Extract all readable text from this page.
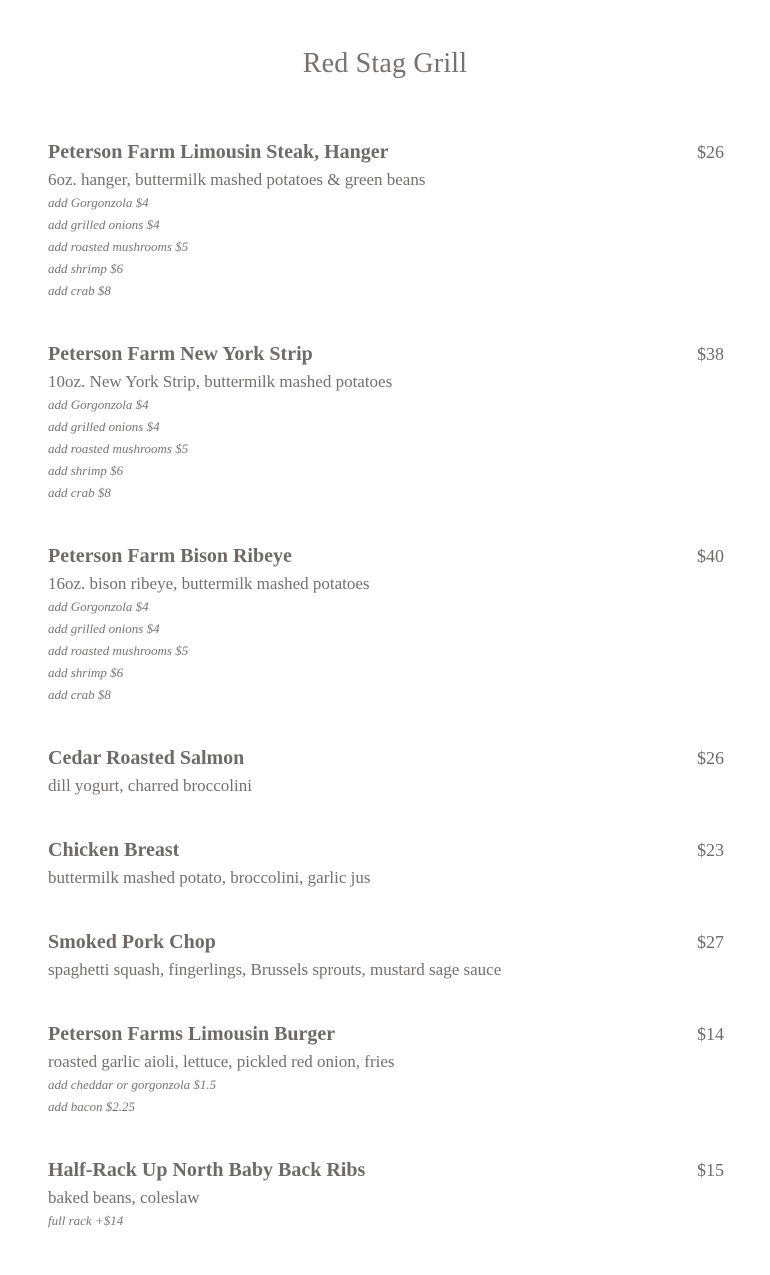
Red Stag Grill
Peterson Farm Limousin Steak, Hanger	$26
6oz. hanger, buttermilk mashed potatoes & green beans
add Gorgonzola $4
add grilled onions $4
add roasted mushrooms $5
add shrimp $6
add crab $8
Peterson Farm New York Strip	$38
10oz. New York Strip, buttermilk mashed potatoes
add Gorgonzola $4
add grilled onions $4
add roasted mushrooms $5
add shrimp $6
add crab $8
Peterson Farm Bison Ribeye	$40
16oz. bison ribeye, buttermilk mashed potatoes
add Gorgonzola $4
add grilled onions $4
add roasted mushrooms $5
add shrimp $6
add crab $8
Cedar Roasted Salmon	$26
dill yogurt, charred broccolini
Chicken Breast	$23
buttermilk mashed potato, broccolini, garlic jus
Smoked Pork Chop	$27
spaghetti squash, fingerlings, Brussels sprouts, mustard sage sauce
Peterson Farms Limousin Burger	$14
roasted garlic aioli, lettuce, pickled red onion, fries
add cheddar or gorgonzola $1.5
add bacon $2.25
Half-Rack Up North Baby Back Ribs	$15
baked beans, coleslaw
full rack +$14
